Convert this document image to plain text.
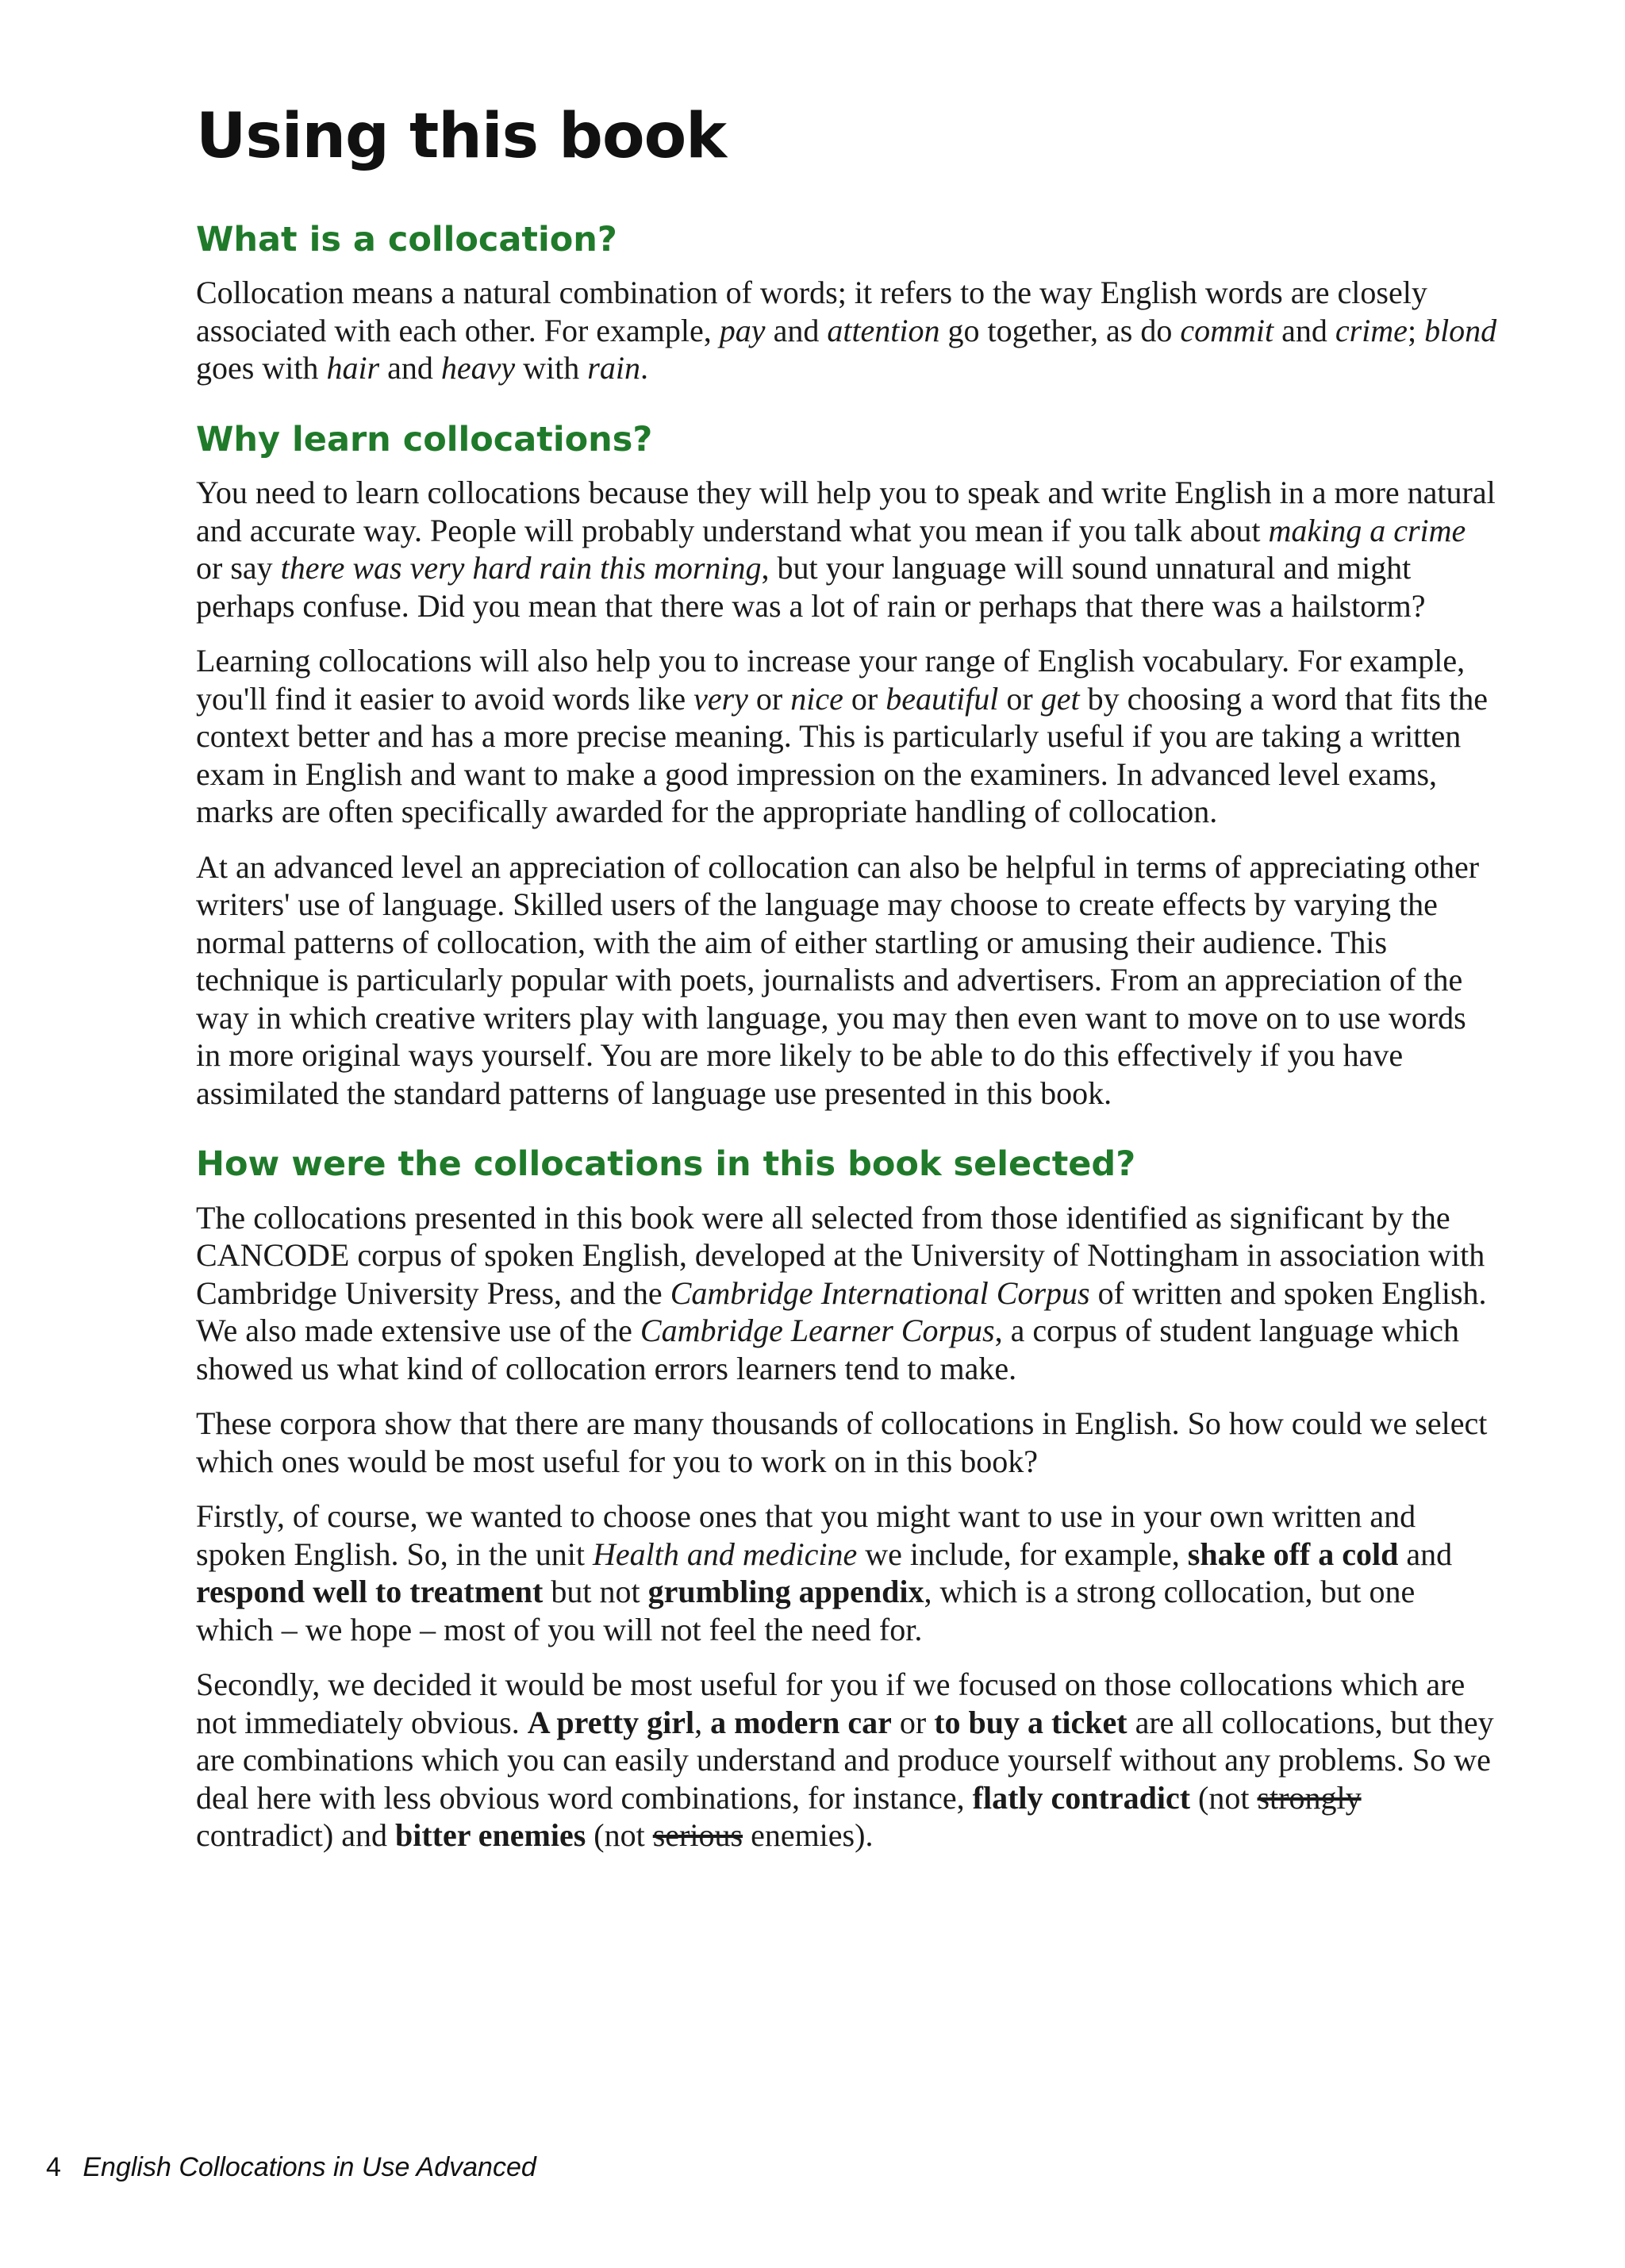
Using this book
What is a collocation?

Collocation means a natural combination of words; it refers to the way English words are closely associated with each other. For example, pay and attention go together, as do commit and crime; blond goes with hair and heavy with rain.

Why learn collocations?

You need to learn collocations because they will help you to speak and write English in a more natural and accurate way. People will probably understand what you mean if you talk about making a crime or say there was very hard rain this morning, but your language will sound unnatural and might perhaps confuse. Did you mean that there was a lot of rain or perhaps that there was a hailstorm?

Learning collocations will also help you to increase your range of English vocabulary. For example, you'll find it easier to avoid words like very or nice or beautiful or get by choosing a word that fits the context better and has a more precise meaning. This is particularly useful if you are taking a written exam in English and want to make a good impression on the examiners. In advanced level exams, marks are often specifically awarded for the appropriate handling of collocation.

At an advanced level an appreciation of collocation can also be helpful in terms of appreciating other writers' use of language. Skilled users of the language may choose to create effects by varying the normal patterns of collocation, with the aim of either startling or amusing their audience. This technique is particularly popular with poets, journalists and advertisers. From an appreciation of the way in which creative writers play with language, you may then even want to move on to use words in more original ways yourself. You are more likely to be able to do this effectively if you have assimilated the standard patterns of language use presented in this book.

How were the collocations in this book selected?

The collocations presented in this book were all selected from those identified as significant by the CANCODE corpus of spoken English, developed at the University of Nottingham in association with Cambridge University Press, and the Cambridge International Corpus of written and spoken English. We also made extensive use of the Cambridge Learner Corpus, a corpus of student language which showed us what kind of collocation errors learners tend to make.

These corpora show that there are many thousands of collocations in English. So how could we select which ones would be most useful for you to work on in this book?

Firstly, of course, we wanted to choose ones that you might want to use in your own written and spoken English. So, in the unit Health and medicine we include, for example, shake off a cold and respond well to treatment but not grumbling appendix, which is a strong collocation, but one which – we hope – most of you will not feel the need for.

Secondly, we decided it would be most useful for you if we focused on those collocations which are not immediately obvious. A pretty girl, a modern car or to buy a ticket are all collocations, but they are combinations which you can easily understand and produce yourself without any problems. So we deal here with less obvious word combinations, for instance, flatly contradict (not strongly contradict) and bitter enemies (not serious enemies).

4 English Collocations in Use Advanced
